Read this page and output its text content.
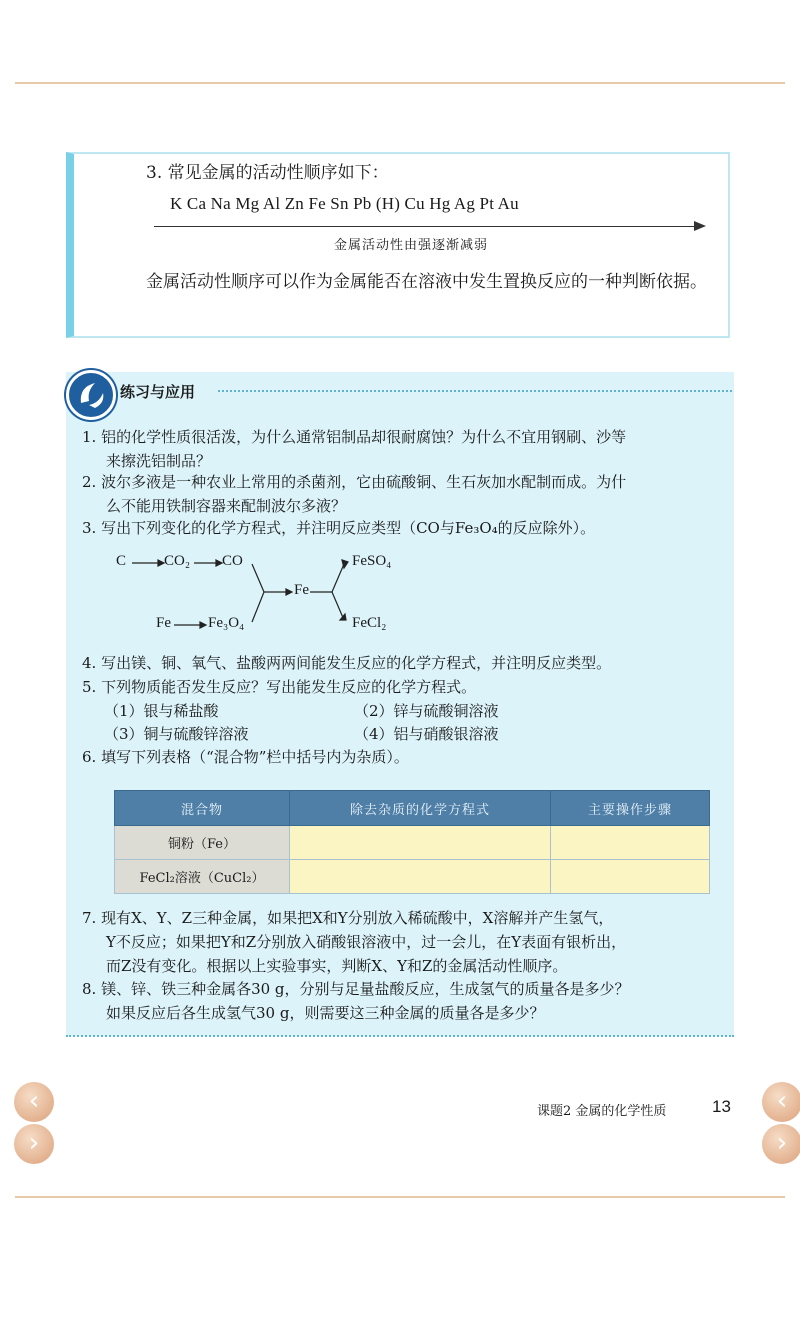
3. 常见金属的活动性顺序如下：
K Ca Na Mg Al Zn Fe Sn Pb (H) Cu Hg Ag Pt Au
金属活动性由强逐渐减弱
金属活动性顺序可以作为金属能否在溶液中发生置换反应的一种判断依据。
练习与应用
1. 铝的化学性质很活泼，为什么通常铝制品却很耐腐蚀？为什么不宜用钢刷、沙等
来擦洗铝制品？
2. 波尔多液是一种农业上常用的杀菌剂，它由硫酸铜、生石灰加水配制而成。为什
么不能用铁制容器来配制波尔多液？
3. 写出下列变化的化学方程式，并注明反应类型（CO与Fe₃O₄的反应除外）。
C	CO₂ CO
Fe
FeSO₄
Fe Fe₃O₄	FeCl₂
4. 写出镁、铜、氧气、盐酸两两间能发生反应的化学方程式，并注明反应类型。
5. 下列物质能否发生反应？写出能发生反应的化学方程式。
（1）银与稀盐酸	（2）锌与硫酸铜溶液
（3）铜与硫酸锌溶液	（4）铝与硝酸银溶液
6. 填写下列表格（“混合物”栏中括号内为杂质）。
混合物	除去杂质的化学方程式	主要操作步骤
铜粉（Fe）		
FeCl₂溶液（CuCl₂）		
7. 现有X、Y、Z三种金属，如果把X和Y分别放入稀硫酸中，X溶解并产生氢气，
Y不反应；如果把Y和Z分别放入硝酸银溶液中，过一会儿，在Y表面有银析出，
而Z没有变化。根据以上实验事实，判断X、Y和Z的金属活动性顺序。
8. 镁、锌、铁三种金属各30 g，分别与足量盐酸反应，生成氢气的质量各是多少？
如果反应后各生成氢气30 g，则需要这三种金属的质量各是多少？
‹
›
‹
›
课题2 金属的化学性质	13
